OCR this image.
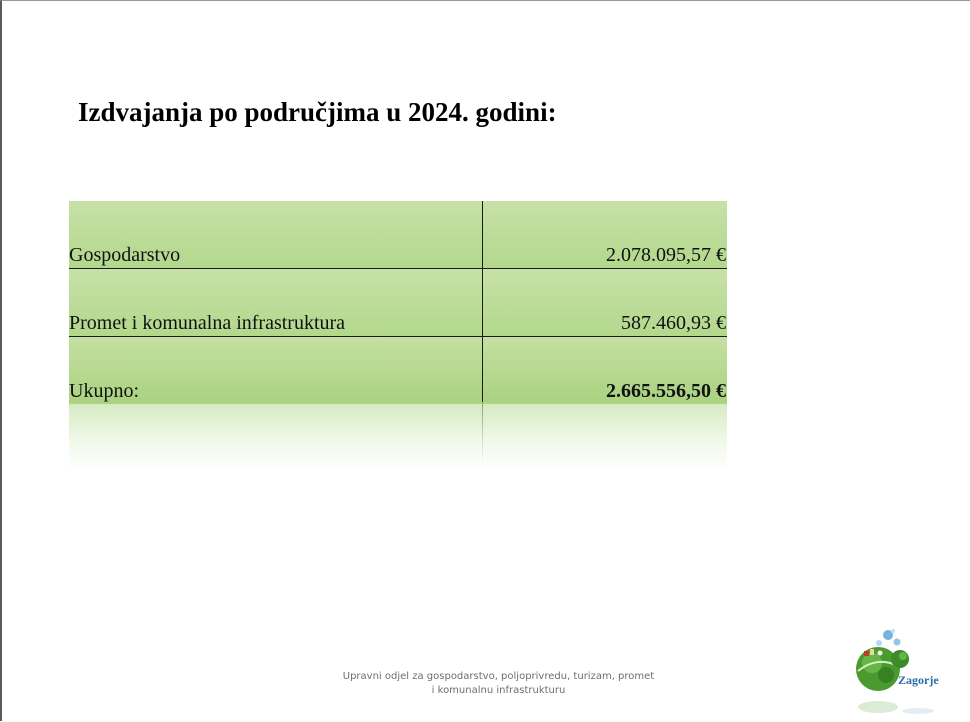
Izdvajanja po područjima u 2024. godini:
Gospodarstvo	2.078.095,57 €
Promet i komunalna infrastruktura	587.460,93 €
Ukupno:	2.665.556,50 €
Upravni odjel za gospodarstvo, poljoprivredu, turizam, promet
i komunalnu infrastrukturu
Zagorje
